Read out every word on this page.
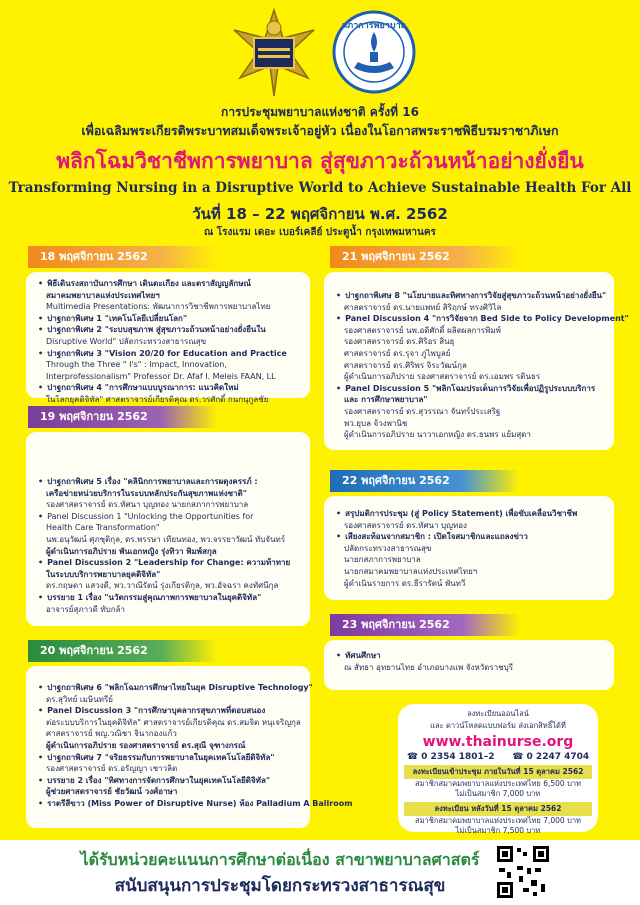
สภาการพยาบาล
การประชุมพยาบาลแห่งชาติ ครั้งที่ 16
เพื่อเฉลิมพระเกียรติพระบาทสมเด็จพระเจ้าอยู่หัว เนื่องในโอกาสพระราชพิธีบรมราชาภิเษก
พลิกโฉมวิชาชีพการพยาบาล สู่สุขภาวะถ้วนหน้าอย่างยั่งยืน
Transforming Nursing in a Disruptive World to Achieve Sustainable Health For All
วันที่ 18 – 22 พฤศจิกายน พ.ศ. 2562
ณ โรงแรม เดอะ เบอร์เคลีย์ ประตูน้ำ กรุงเทพมหานคร
18 พฤศจิกายน 2562
• พิธีเดินรงสถาบันการศึกษา เดินตะเกียง และตราสัญญลักษณ์
สมาคมพยาบาลแห่งประเทศไทยฯ
Multimedia Presentations: พัฒนาการวิชาชีพการพยาบาลไทย
• ปาฐกถาพิเศษ 1 "เทคโนโลยีเปลี่ยนโลก"
• ปาฐกถาพิเศษ 2 "ระบบสุขภาพ สู่สุขภาวะถ้วนหน้าอย่างยั่งยืนใน
Disruptive World" ปลัดกระทรวงสาธารณสุข
• ปาฐกถาพิเศษ 3 "Vision 20/20 for Education and Practice
Through the Three " I's" : Impact, Innovation,
Interprofessionalism" Professor Dr. Afaf I. Meleis FAAN, LL
• ปาฐกถาพิเศษ 4 "การศึกษาแบบบูรณาการ: แนวคิดใหม่
ในโลกยุคดิจิทัล" ศาสตราจารย์เกียรติคุณ ดร.วรศักดิ์ กนกนุกูลชัย
19 พฤศจิกายน 2562
• ปาฐกถาพิเศษ 5 เรื่อง "คลินิกการพยาบาลและการผดุงครรภ์ :
เครือข่ายหน่วยบริการในระบบหลักประกันสุขภาพแห่งชาติ"
รองศาสตราจารย์ ดร.ทัศนา บุญทอง นายกสภาการพยาบาล
• Panel Discussion 1 "Unlocking the Opportunities for
Health Care Transformation"
นพ.อนุวัฒน์ ศุภชุติกุล, ดร.พรรษา เทียนทอง, พว.จรรยาวัฒน์ ทับจันทร์
ผู้ดำเนินการอภิปราย พันเอกหญิง รุ่งทิวา พิมพ์สกุล
• Panel Discussion 2 "Leadership for Change: ความท้าทาย
ในระบบบริการพยาบาลยุคดิจิทัล"
ดร.กฤษดา แสวงดี, พว.วาณีรัตน์ รุ่งเกียรติกุล, พว.อัจฉรา คงทัศนีกุล
• บรรยาย 1 เรื่อง "นวัตกรรมสู่คุณภาพการพยาบาลในยุคดิจิทัล"
อาจารย์สุภาวดี ทับกล้า
20 พฤศจิกายน 2562
• ปาฐกถาพิเศษ 6 "พลิกโฉมการศึกษาไทยในยุค Disruptive Technology"
ดร.สุวิทย์ เมษินทรีย์
• Panel Discussion 3 "การศึกษาบุคลากรสุขภาพที่ตอบสนอง
ต่อระบบบริการในยุคดิจิทัล" ศาสตราจารย์เกียรติคุณ ดร.สมจิต หนุเจริญกุล
ศาสตราจารย์ พญ.วณิชา จินากองแก้ว
ผู้ดำเนินการอภิปราย รองศาสตราจารย์ ดร.สุณี จุฑางกรณ์
• ปาฐกถาพิเศษ 7 "จริยธรรมกับการพยาบาลในยุคเทคโนโลยีดิจิทัล"
รองศาสตราจารย์ ดร.อรัญญา เชาวลิต
• บรรยาย 2 เรื่อง "ทิศทางการจัดการศึกษาในยุคเทคโนโลยีดิจิทัล"
ผู้ช่วยศาสตราจารย์ ชัยวัฒน์ วงศ์อาษา
• ราตรีสีขาว (Miss Power of Disruptive Nurse) ห้อง Palladium A Ballroom
21 พฤศจิกายน 2562
• ปาฐกถาพิเศษ 8 "นโยบายและทิศทางการวิจัยสู่สุขภาวะถ้วนหน้าอย่างยั่งยืน"
ศาสตราจารย์ ดร.นายแพทย์ สิริฤกษ์ ทรงศิวิไล
• Panel Discussion 4 "การวิจัยจาก Bed Side to Policy Development"
รองศาสตราจารย์ นพ.อดิศักดิ์ ผลิตผลการพิมพ์
รองศาสตราจารย์ ดร.ศิริอร สินธุ
ศาสตราจารย์ ดร.รุจา ภู่ไพบูลย์
ศาสตราจารย์ ดร.ศิริพร จิระวัฒน์กุล
ผู้ดำเนินการอภิปราย รองศาสตราจารย์ ดร.เอมพร รตินธร
• Panel Discussion 5 "พลิกโฉมประเด็นการวิจัยเพื่อปฏิรูประบบบริการ
และ การศึกษาพยาบาล"
รองศาสตราจารย์ ดร.สุวรรณา จันทร์ประเสริฐ
พว.ยุบล จ้วงพานิช
ผู้ดำเนินการอภิปราย นาวาเอกหญิง ดร.ธนพร แย้มสุดา
22 พฤศจิกายน 2562
• สรุปมติการประชุม (สู่ Policy Statement) เพื่อขับเคลื่อนวิชาชีพ
รองศาสตราจารย์ ดร.ทัศนา บุญทอง
• เสียงสะท้อนจากสมาชิก : เปิดใจสมาชิกและแถลงข่าว
ปลัดกระทรวงสาธารณสุข
นายกสภาการพยาบาล
นายกสมาคมพยาบาลแห่งประเทศไทยฯ
ผู้ดำเนินรายการ ดร.ธีรารัตน์ พันทวี
23 พฤศจิกายน 2562
• ทัศนศึกษา
ณ สัทธา อุทยานไทย อำเภอบางแพ จังหวัดราชบุรี
ลงทะเบียนออนไลน์
และ ดาวน์โหลดแบบฟอร์ม ส่งเอกสิทธิ์ได้ที่
www.thainurse.org
☎ 0 2354 1801–2 ☎ 0 2247 4704
ลงทะเบียนเข้าประชุม ภายในวันที่ 15 ตุลาคม 2562
สมาชิกสมาคมพยาบาลแห่งประเทศไทย 6,500 บาท
ไม่เป็นสมาชิก 7,000 บาท
ลงทะเบียน หลังวันที่ 15 ตุลาคม 2562
สมาชิกสมาคมพยาบาลแห่งประเทศไทย 7,000 บาท
ไม่เป็นสมาชิก 7,500 บาท
ได้รับหน่วยคะแนนการศึกษาต่อเนื่อง สาขาพยาบาลศาสตร์
สนับสนุนการประชุมโดยกระทรวงสาธารณสุข
